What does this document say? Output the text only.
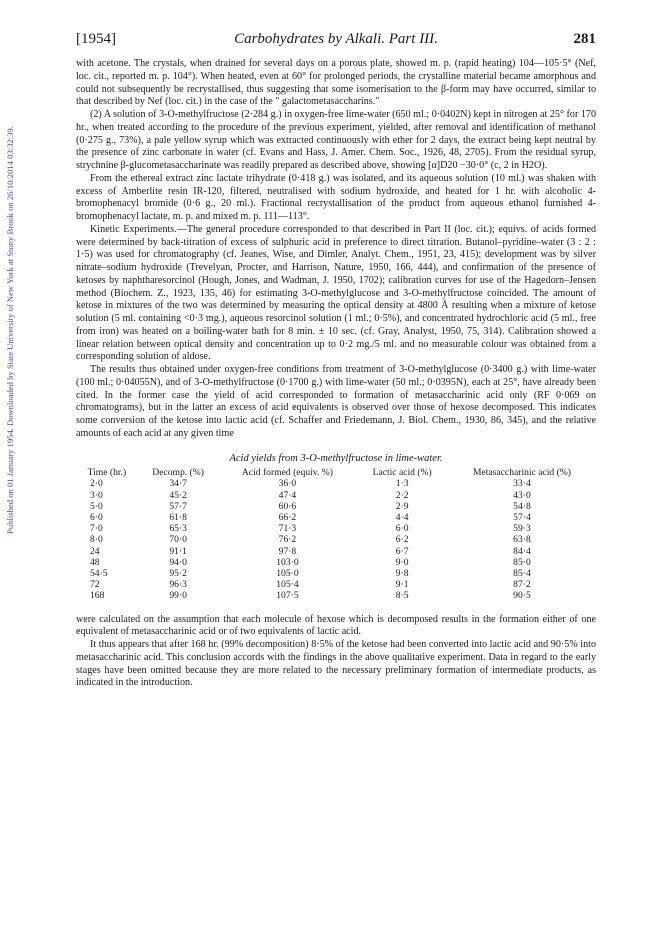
Published on 01 January 1954. Downloaded by State University of New York at Stony Brook on 26/10/2014 03:32:39.
[1954]	Carbohydrates by Alkali. Part III.	281

with acetone. The crystals, when drained for several days on a porous plate, showed m. p. (rapid heating) 104—105·5° (Nef, loc. cit., reported m. p. 104°). When heated, even at 60° for prolonged periods, the crystalline material became amorphous and could not subsequently be recrystallised, thus suggesting that some isomerisation to the β-form may have occurred, similar to that described by Nef (loc. cit.) in the case of the " galactometasaccharins."

(2) A solution of 3-O-methylfructose (2·284 g.) in oxygen-free lime-water (650 ml.; 0·0402N) kept in nitrogen at 25° for 170 hr., when treated according to the procedure of the previous experiment, yielded, after removal and identification of methanol (0·275 g., 73%), a pale yellow syrup which was extracted continuously with ether for 2 days, the extract being kept neutral by the presence of zinc carbonate in water (cf. Evans and Hass, J. Amer. Chem. Soc., 1926, 48, 2705). From the residual syrup, strychnine β-glucometasaccharinate was readily prepared as described above, showing [α]D20 −30·0° (c, 2 in H2O).

From the ethereal extract zinc lactate trihydrate (0·418 g.) was isolated, and its aqueous solution (10 ml.) was shaken with excess of Amberlite resin IR-120, filtered, neutralised with sodium hydroxide, and heated for 1 hr. with alcoholic 4-bromophenacyl bromide (0·6 g., 20 ml.). Fractional recrystallisation of the product from aqueous ethanol furnished 4-bromophenacyl lactate, m. p. and mixed m. p. 111—113°.

Kinetic Experiments.—The general procedure corresponded to that described in Part II (loc. cit.); equivs. of acids formed were determined by back-titration of excess of sulphuric acid in preference to direct titration. Butanol–pyridine–water (3 : 2 : 1·5) was used for chromatography (cf. Jeanes, Wise, and Dimler, Analyt. Chem., 1951, 23, 415); development was by silver nitrate–sodium hydroxide (Trevelyan, Procter, and Harrison, Nature, 1950, 166, 444), and confirmation of the presence of ketoses by naphtharesorcinol (Hough, Jones, and Wadman, J. 1950, 1702); calibration curves for use of the Hagedorn–Jensen method (Biochem. Z., 1923, 135, 46) for estimating 3-O-methylglucose and 3-O-methylfructose coincided. The amount of ketose in mixtures of the two was determined by measuring the optical density at 4800 Å resulting when a mixture of ketose solution (5 ml. containing <0·3 mg.), aqueous resorcinol solution (1 ml.; 0·5%), and concentrated hydrochloric acid (5 ml., free from iron) was heated on a boiling-water bath for 8 min. ± 10 sec. (cf. Gray, Analyst, 1950, 75, 314). Calibration showed a linear relation between optical density and concentration up to 0·2 mg./5 ml. and no measurable colour was obtained from a corresponding solution of aldose.

The results thus obtained under oxygen-free conditions from treatment of 3-O-methylglucose (0·3400 g.) with lime-water (100 ml.; 0·04055N), and of 3-O-methylfructose (0·1700 g.) with lime-water (50 ml.; 0·0395N), each at 25°, have already been cited. In the former case the yield of acid corresponded to formation of metasaccharinic acid only (RF 0·069 on chromatograms), but in the latter an excess of acid equivalents is observed over those of hexose decomposed. This indicates some conversion of the ketose into lactic acid (cf. Schaffer and Friedemann, J. Biol. Chem., 1930, 86, 345), and the relative amounts of each acid at any given time

Acid yields from 3-O-methylfructose in lime-water.
Time (hr.)	Decomp. (%)	Acid formed (equiv. %)	Lactic acid (%)	Metasaccharinic acid (%)
2·0	34·7	36·0	1·3	33·4
3·0	45·2	47·4	2·2	43·0
5·0	57·7	60·6	2·9	54·8
6·0	61·8	66·2	4·4	57·4
7·0	65·3	71·3	6·0	59·3
8·0	70·0	76·2	6·2	63·8
24	91·1	97·8	6·7	84·4
48	94·0	103·0	9·0	85·0
54·5	95·2	105·0	9·8	85·4
72	96·3	105·4	9·1	87·2
168	99·0	107·5	8·5	90·5

were calculated on the assumption that each molecule of hexose which is decomposed results in the formation either of one equivalent of metasaccharinic acid or of two equivalents of lactic acid.

It thus appears that after 168 hr. (99% decomposition) 8·5% of the ketose had been converted into lactic acid and 90·5% into metasaccharinic acid. This conclusion accords with the findings in the above qualitative experiment. Data in regard to the early stages have been omitted because they are more related to the necessary preliminary formation of intermediate products, as indicated in the introduction.
